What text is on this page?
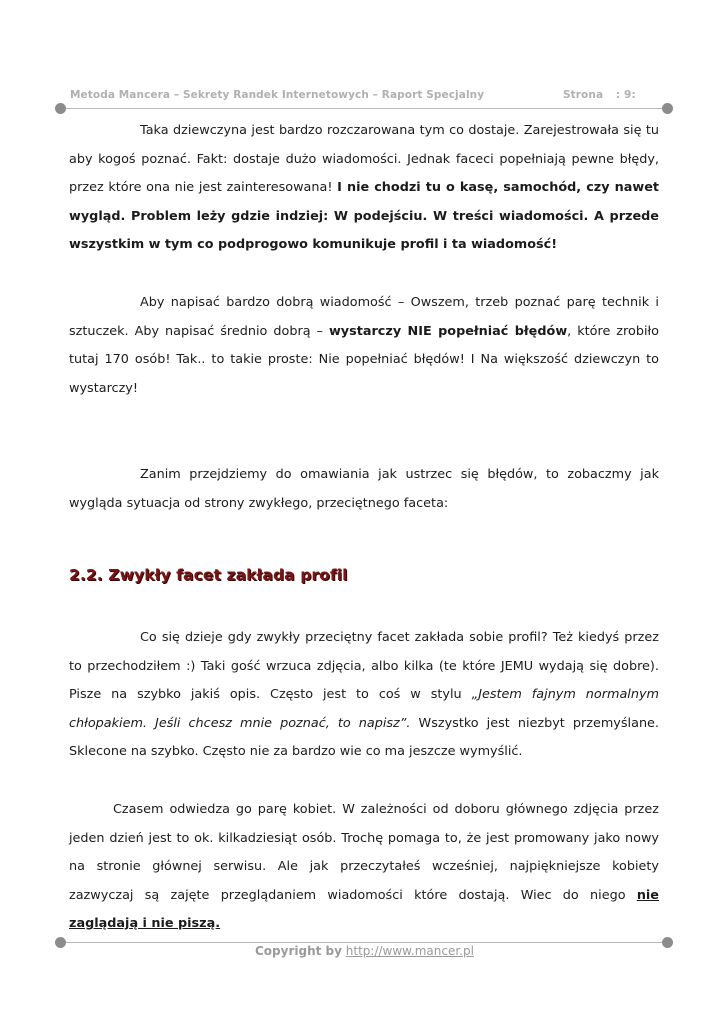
Metoda Mancera – Sekrety Randek Internetowych – Raport Specjalny	Strona : 9:

Taka dziewczyna jest bardzo rozczarowana tym co dostaje. Zarejestrowała się tu aby kogoś poznać. Fakt: dostaje dużo wiadomości. Jednak faceci popełniają pewne błędy, przez które ona nie jest zainteresowana! I nie chodzi tu o kasę, samochód, czy nawet wygląd. Problem leży gdzie indziej: W podejściu. W treści wiadomości. A przede wszystkim w tym co podprogowo komunikuje profil i ta wiadomość!

Aby napisać bardzo dobrą wiadomość – Owszem, trzeb poznać parę technik i sztuczek. Aby napisać średnio dobrą – wystarczy NIE popełniać błędów, które zrobiło tutaj 170 osób! Tak.. to takie proste: Nie popełniać błędów! I Na większość dziewczyn to wystarczy!

Zanim przejdziemy do omawiania jak ustrzec się błędów, to zobaczmy jak wygląda sytuacja od strony zwykłego, przeciętnego faceta:

2.2. Zwykły facet zakłada profil

Co się dzieje gdy zwykły przeciętny facet zakłada sobie profil? Też kiedyś przez to przechodziłem :) Taki gość wrzuca zdjęcia, albo kilka (te które JEMU wydają się dobre). Pisze na szybko jakiś opis. Często jest to coś w stylu „Jestem fajnym normalnym chłopakiem. Jeśli chcesz mnie poznać, to napisz”. Wszystko jest niezbyt przemyślane. Sklecone na szybko. Często nie za bardzo wie co ma jeszcze wymyślić.

Czasem odwiedza go parę kobiet. W zależności od doboru głównego zdjęcia przez jeden dzień jest to ok. kilkadziesiąt osób. Trochę pomaga to, że jest promowany jako nowy na stronie głównej serwisu. Ale jak przeczytałeś wcześniej, najpiękniejsze kobiety zazwyczaj są zajęte przeglądaniem wiadomości które dostają. Wiec do niego nie zaglądają i nie piszą.

Copyright by http://www.mancer.pl
